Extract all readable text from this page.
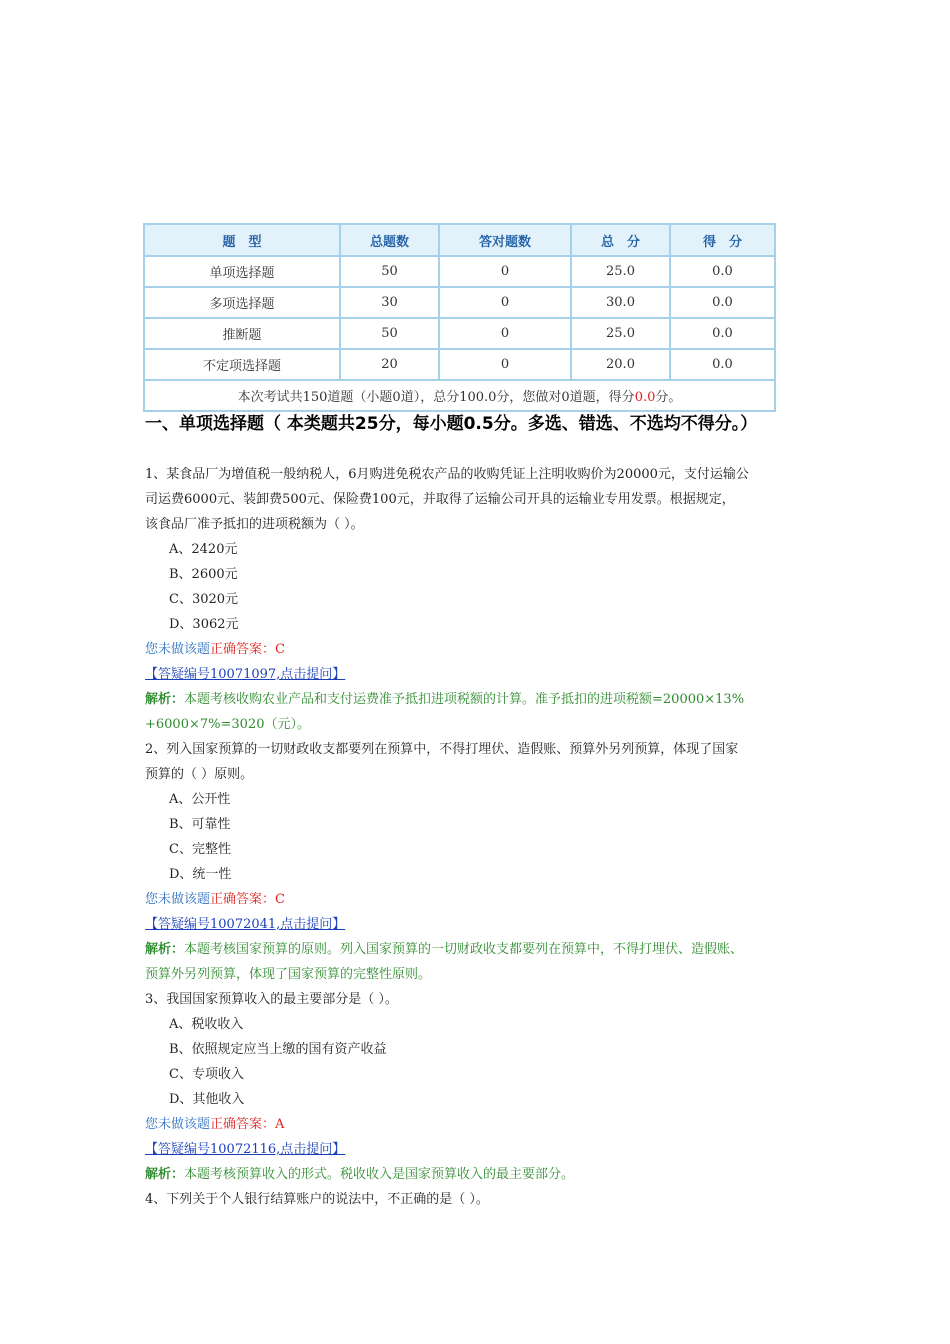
题　型	总题数	答对题数	总　分	得　分
单项选择题	50	0	25.0	0.0
多项选择题	30	0	30.0	0.0
推断题	50	0	25.0	0.0
不定项选择题	20	0	20.0	0.0
本次考试共150道题（小题0道），总分100.0分，您做对0道题，得分0.0分。				
一、单项选择题（ 本类题共25分，每小题0.5分。多选、错选、不选均不得分。）
1、某食品厂为增值税一般纳税人，6月购进免税农产品的收购凭证上注明收购价为20000元，支付运输公
司运费6000元、装卸费500元、保险费100元，并取得了运输公司开具的运输业专用发票。根据规定，
该食品厂准予抵扣的进项税额为（ ）。
A、2420元
B、2600元
C、3020元
D、3062元
您未做该题正确答案：C
【答疑编号10071097,点击提问】
解析：本题考核收购农业产品和支付运费准予抵扣进项税额的计算。准予抵扣的进项税额=20000×13%
+6000×7%=3020（元）。
2、列入国家预算的一切财政收支都要列在预算中，不得打埋伏、造假账、预算外另列预算，体现了国家
预算的（ ）原则。
A、公开性
B、可靠性
C、完整性
D、统一性
您未做该题正确答案：C
【答疑编号10072041,点击提问】
解析：本题考核国家预算的原则。列入国家预算的一切财政收支都要列在预算中，不得打埋伏、造假账、
预算外另列预算，体现了国家预算的完整性原则。
3、我国国家预算收入的最主要部分是（ ）。
A、税收收入
B、依照规定应当上缴的国有资产收益
C、专项收入
D、其他收入
您未做该题正确答案：A
【答疑编号10072116,点击提问】
解析：本题考核预算收入的形式。税收收入是国家预算收入的最主要部分。
4、下列关于个人银行结算账户的说法中，不正确的是（ ）。
